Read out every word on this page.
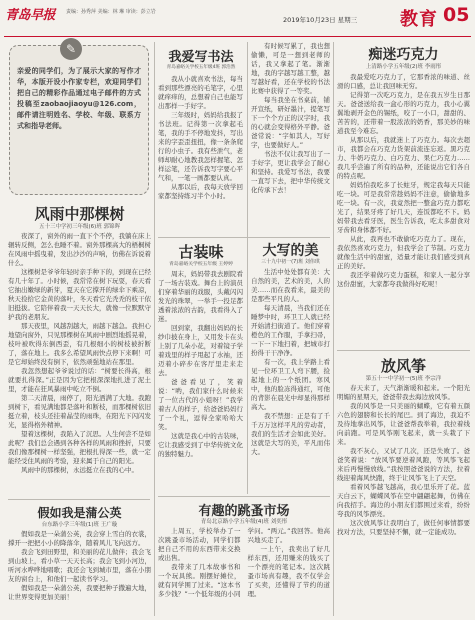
青岛早报 责编：孙秀萍 美编：林 琳 审读：彭立岩
2019年10月23日 星期三 教育 05
亲爱的同学们，为了展示大家的写作才华，本版开设小作家专栏，欢迎同学们把自己的精彩作品通过电子邮件的方式投稿至zaobaojiaoyu@126.com，邮件请注明姓名、学校、年级、联系方式和指导老师。
✎
风雨中那棵树
五十三中学初三年级(6)班 郭锦晖

夜深了，窗外的雨一直下个不停，我躺在床上辗转反侧，怎么也睡不着。窗外那棵高大的梧桐树在风雨中摇曳着，发出沙沙的声响，仿佛在诉说着什么。

这棵树是爷爷年轻时亲手种下的，到现在已经有几十年了。小时候，我常常在树下玩耍，春天看它抽出嫩绿的新芽，夏天在它撑开的绿伞下乘凉，秋天捡拾它金黄的落叶，冬天看它光秃秃的枝干依旧挺拔。它陪伴着我一天天长大，就像一位默默守护我的老朋友。

那天夜里，风越刮越大，雨越下越急。我担心地望向窗外，只见那棵树在风雨中剧烈地摇晃着，枝叶被吹得东倒西歪，有几根细小的树枝被折断了，落在地上。我多么希望风雨快点停下来啊！可是它却始终没有倒下，依然顽强地站在那里。

我忽然想起爷爷说过的话：“树要长得高，根就要扎得深。”正是因为它把根深深地扎进了泥土里，才能在狂风暴雨中屹立不倒。

第二天清晨，雨停了，阳光洒满了大地。我跑到树下，看见满地都是落叶和断枝，而那棵树依旧挺立着，枝头还挂着晶莹的雨珠，在阳光下闪闪发光，显得格外精神。

望着这棵树，我陷入了沉思。人生何尝不是如此呢？我们总会遇到各种各样的风雨和挫折，只要我们像那棵树一样坚强，把根扎得深一些，就一定能经受住风雨的考验，迎来属于自己的阳光。

风雨中的那棵树，永远挺立在我的心中。

假如我是蒲公英
台东路小学三年级(1)班 王广璇

假如我是一朵蒲公英，我会穿上雪白的衣裳，撑开一把把小小的降落伞，随着风儿飞向远方。

我会飞到田野里，和美丽的花儿做伴；我会飞到山坡上，看小草一天天长高；我会飞到小河边，听河水哗哗地唱歌；我还会飞到城市里，落在小朋友的窗台上，和他们一起读书学习。

假如我是一朵蒲公英，我要把种子撒遍大地，让世界变得更加美丽！

我爱写书法
青岛嘉峪关学校五年级4班 郭浩然

我从小就喜欢书法，每当看到那些漂亮的毛笔字，心里就痒痒的，总想着自己也能写出那样一手好字。

三年级时，妈妈给我报了书法班。记得第一次拿起毛笔，我的手不停地发抖，写出来的字歪歪扭扭，像一条条爬行的小虫子。我有些泄气，老师却耐心地教我怎样握笔、怎样运笔，还告诉我写字要心平气和，一笔一画都要认真。

从那以后，我每天放学回家都坚持练习半个小时。

有时候写累了，我也想偷懒，可是一想到老师的话，我又拿起了笔。渐渐地，我的字越写越工整，越写越好看，还在学校的书法比赛中获得了一等奖。

每当我坐在书桌前，铺开宣纸，研好墨汁，提笔写下一个个方正的汉字时，我的心就会变得格外平静。爸爸常说：“字如其人，写好字，也要做好人。”

书法不仅让我写出了一手好字，更让我学会了耐心和坚持。我爱写书法，我要一直写下去，把中华传统文化传承下去！

古装味
青岛嘉峪关学校五年级 王婷婷

周末，妈妈带我去剧院看了一场古装戏。舞台上的演员们穿着华丽的戏服，头戴闪闪发光的珠翠，一举手一投足都透着浓浓的古韵，我看得入了迷。

回到家，我翻出妈妈的长纱巾披在身上，又用发卡在头上别了几朵小花，对着镜子学着戏里的样子甩起了水袖，还迈着小碎步在客厅里走来走去。

爸爸看见了，笑着说：“哟，我们家什么时候来了一位古代的小姐呀！”我学着古人的样子，给爸爸妈妈行了一个礼，逗得全家哈哈大笑。

这就是我心中的古装味，它让我感受到了中华传统文化的独特魅力。

大写的美
三十九中初一(7)班 刘伟琪

生活中处处都有美：大自然的美，艺术的美，人的美……而在我看来，最美的是那些平凡的人。

每天清晨，当我们还在睡梦中时，环卫工人就已经开始清扫街道了。他们穿着橙色的工作服，手拿扫帚，一下一下地扫着，把城市打扮得干干净净。

有一次，我上学路上看见一位环卫工人弯下腰，捡起地上的一个纸团。寒风中，他的脸冻得通红，可他的背影在晨光中却显得那样高大。

我不禁想：正是有了千千万万这样平凡的劳动者，我们的生活才会如此美好。这就是大写的美，平凡而伟大。

有趣的跳蚤市场
青岛北京路小学五年级(4)班 刘奕彤

上周五，学校举办了一次跳蚤市场活动，同学们都把自己不用的东西带来交换或出售。

我带来了几本故事书和一个玩具熊。刚摆好摊位，就有同学围了过来。“这本书多少钱？”一个低年级的小同学问。“两元。”我回答。他高兴地买走了。

一上午，我卖出了好几样东西，还用赚来的钱买了一个漂亮的笔记本。这次跳蚤市场真有趣，我不仅学会了买卖，还懂得了节约的道理。

痴迷巧克力
上清路小学五年级(2)班 李雨彤

我最爱吃巧克力了，它那香浓的味道、丝滑的口感，总让我回味无穷。

记得第一次吃巧克力，是在我五岁生日那天。爸爸送给我一盒心形的巧克力，我小心翼翼地剥开金色的锡纸，咬了一小口，甜甜的、苦苦的，还带着一股浓浓的奶香，那美妙的味道我至今难忘。

从那以后，我就迷上了巧克力。每次去超市，我都会在巧克力货架前流连忘返。黑巧克力、牛奶巧克力、白巧克力、果仁巧克力……我几乎尝遍了所有的品种，还能说出它们各自的特点呢。

妈妈怕我吃多了长蛀牙，规定我每天只能吃一块。可是我常常趁妈妈不注意，偷偷地多吃一块。有一次，我竟然把一整盒巧克力都吃光了，结果牙疼了好几天，连饭都吃不下。妈妈带我去看牙医，医生告诉我，吃太多甜食对牙齿和身体都不好。

从此，我再也不敢偷吃巧克力了。现在，我依然喜欢巧克力，但我学会了节制。巧克力就像生活中的甜蜜，适量才能让我们感受到真正的美好。

我还学着做巧克力蛋糕，和家人一起分享这份甜蜜，大家都夸我做得好吃呢！

放风筝
第五十一中学初一(5)班 李宗洋

春天来了，天气渐渐暖和起来。一个阳光明媚的星期天，爸爸带我去海边放风筝。

我的风筝是一只美丽的蝴蝶，它有着五颜六色的翅膀和长长的尾巴。到了海边，我迫不及待地拿出风筝，让爸爸帮我举着，我拉着线向前跑。可是风筝刚飞起来，就一头栽了下来。

我不灰心，又试了几次，还是失败了。爸爸笑着说：“放风筝要逆着风跑，等风筝飞起来后再慢慢放线。”我按照爸爸说的方法，拉着线迎着海风快跑，终于让风筝飞上了天空。

看着风筝越飞越高，我心里乐开了花。蓝天白云下，蝴蝶风筝在空中翩翩起舞，仿佛在向我招手。海边的小朋友们都围过来看，纷纷夸我的风筝漂亮。

这次放风筝让我明白了，做任何事情都要找对方法，只要坚持不懈，就一定能成功。
